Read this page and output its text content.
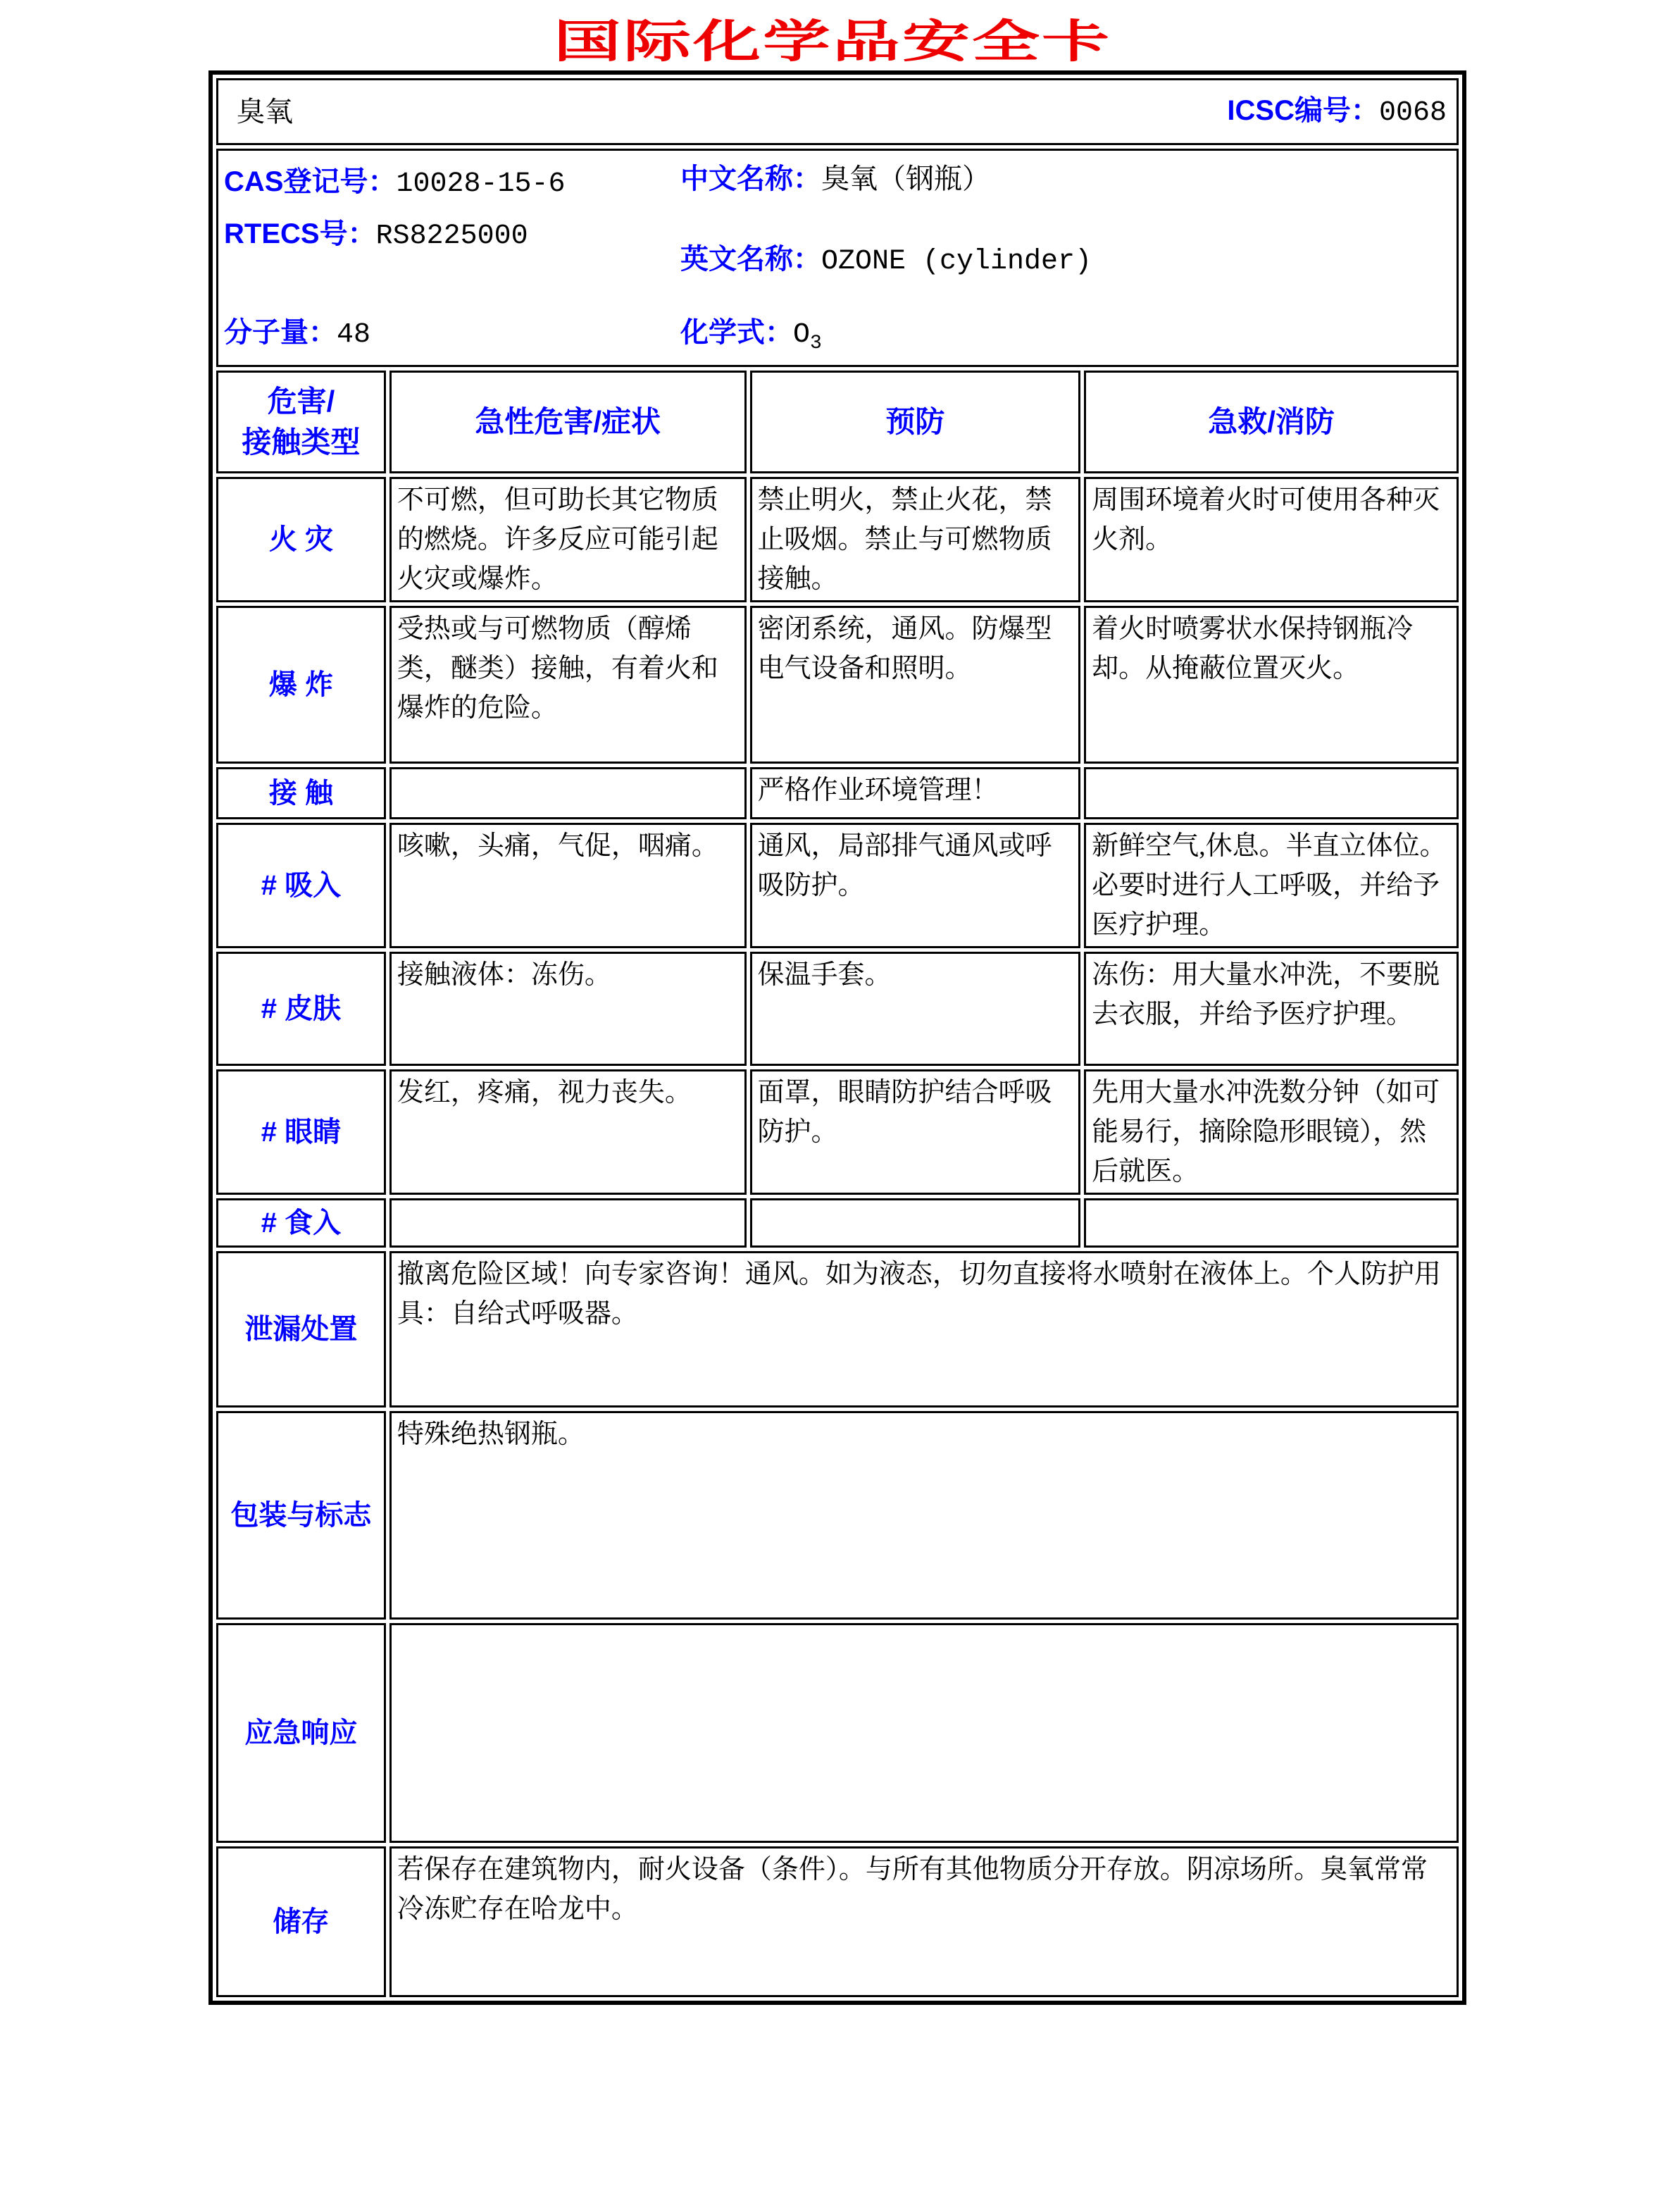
国际化学品安全卡
臭氧 ICSC编号：0068			

CAS登记号：10028-15-6
RTECS号：RS8225000
分子量：48
中文名称：臭氧（钢瓶）
英文名称：OZONE (cylinder)
化学式：$O_3$

危害/接触类型	急性危害/症状	预防	急救/消防
火 灾	不可燃，但可助长其它物质的燃烧。许多反应可能引起火灾或爆炸。	禁止明火，禁止火花，禁止吸烟。禁止与可燃物质接触。	周围环境着火时可使用各种灭火剂。
爆 炸	受热或与可燃物质（醇烯类，醚类）接触，有着火和爆炸的危险。	密闭系统，通风。防爆型电气设备和照明。	着火时喷雾状水保持钢瓶冷却。从掩蔽位置灭火。
接 触		严格作业环境管理！	
# 吸入	咳嗽，头痛，气促，咽痛。	通风，局部排气通风或呼吸防护。	新鲜空气,休息。半直立体位。必要时进行人工呼吸，并给予医疗护理。
# 皮肤	接触液体：冻伤。	保温手套。	冻伤：用大量水冲洗，不要脱去衣服，并给予医疗护理。
# 眼睛	发红，疼痛，视力丧失。	面罩，眼睛防护结合呼吸防护。	先用大量水冲洗数分钟（如可能易行，摘除隐形眼镜），然后就医。
# 食入			
泄漏处置	撤离危险区域！向专家咨询！通风。如为液态，切勿直接将水喷射在液体上。个人防护用具：自给式呼吸器。		
包装与标志	特殊绝热钢瓶。		
应急响应			
储存	若保存在建筑物内，耐火设备（条件）。与所有其他物质分开存放。阴凉场所。臭氧常常冷冻贮存在哈龙中。		
